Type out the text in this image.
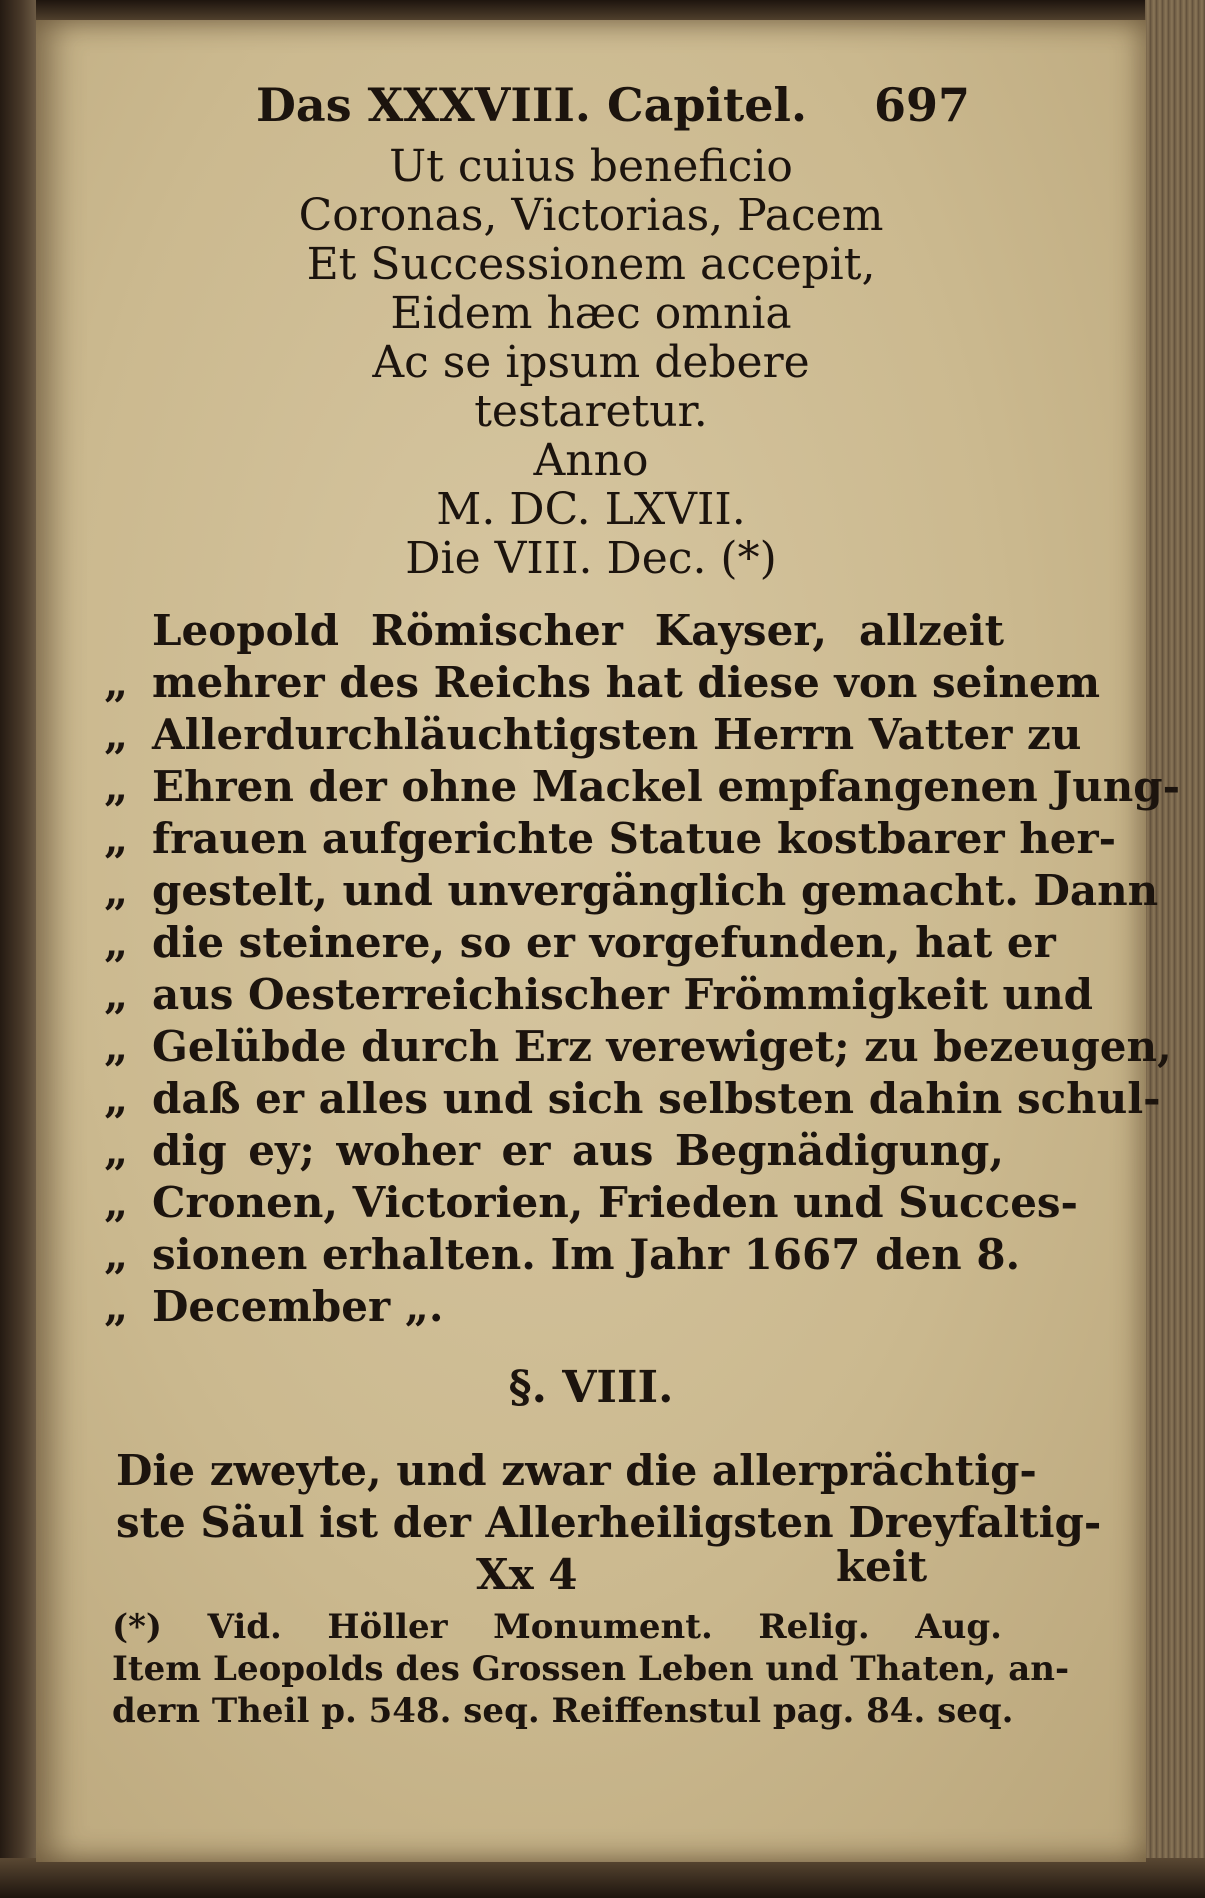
Das XXXVIII. Capitel. 697
Ut cuius beneficio
Coronas, Victorias, Pacem
Et Successionem accepit,
Eidem hæc omnia
Ac se ipsum debere
testaretur.
Anno
M. DC. LXVII.
Die VIII. Dec. (*)
Leopold Römischer Kayser, allzeit
„ mehrer des Reichs hat diese von seinem
„ Allerdurchläuchtigsten Herrn Vatter zu
„ Ehren der ohne Mackel empfangenen Jung-
„ frauen aufgerichte Statue kostbarer her-
„ gestelt, und unvergänglich gemacht. Dann
„ die steinere, so er vorgefunden, hat er
„ aus Oesterreichischer Frömmigkeit und
„ Gelübde durch Erz verewiget; zu bezeugen,
„ daß er alles und sich selbsten dahin schul-
„ dig ey; woher er aus Begnädigung,
„ Cronen, Victorien, Frieden und Succes-
„ sionen erhalten. Im Jahr 1667 den 8.
„ December „.
§. VIII.
Die zweyte, und zwar die allerprächtig-
ste Säul ist der Allerheiligsten Dreyfaltig-
Xx 4	keit
(*) Vid. Höller Monument. Relig. Aug.
Item Leopolds des Grossen Leben und Thaten, an-
dern Theil p. 548. seq. Reiffenstul pag. 84. seq.
